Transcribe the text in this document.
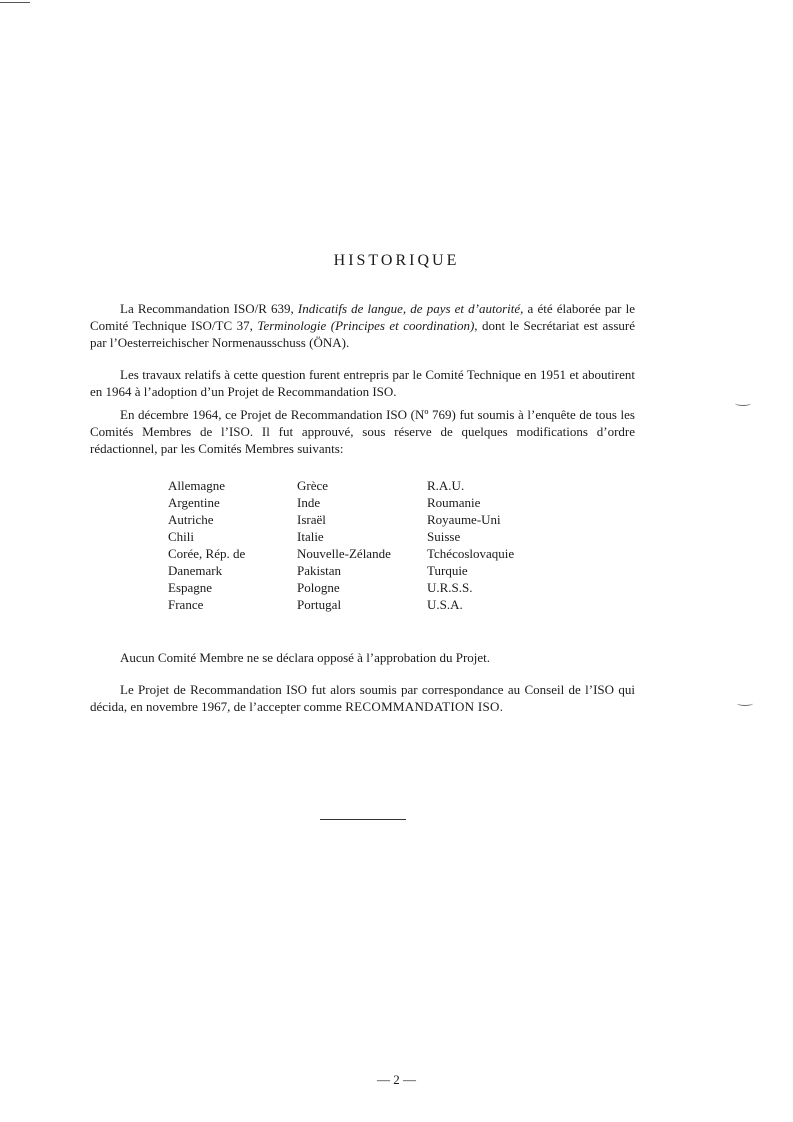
HISTORIQUE

La Recommandation ISO/R 639, Indicatifs de langue, de pays et d’autorité, a été élaborée par le Comité Technique ISO/TC 37, Terminologie (Principes et coordination), dont le Secrétariat est assuré par l’Oesterreichischer Normenausschuss (ÖNA).

Les travaux relatifs à cette question furent entrepris par le Comité Technique en 1951 et aboutirent en 1964 à l’adoption d’un Projet de Recommandation ISO.

En décembre 1964, ce Projet de Recommandation ISO (Nº 769) fut soumis à l’enquête de tous les Comités Membres de l’ISO. Il fut approuvé, sous réserve de quelques modifications d’ordre rédactionnel, par les Comités Membres suivants:

Allemagne
Argentine
Autriche
Chili
Corée, Rép. de
Danemark
Espagne
France
Grèce
Inde
Israël
Italie
Nouvelle-Zélande
Pakistan
Pologne
Portugal
R.A.U.
Roumanie
Royaume-Uni
Suisse
Tchécoslovaquie
Turquie
U.R.S.S.
U.S.A.

Aucun Comité Membre ne se déclara opposé à l’approbation du Projet.

Le Projet de Recommandation ISO fut alors soumis par correspondance au Conseil de l’ISO qui décida, en novembre 1967, de l’accepter comme RECOMMANDATION ISO.

— 2 —
